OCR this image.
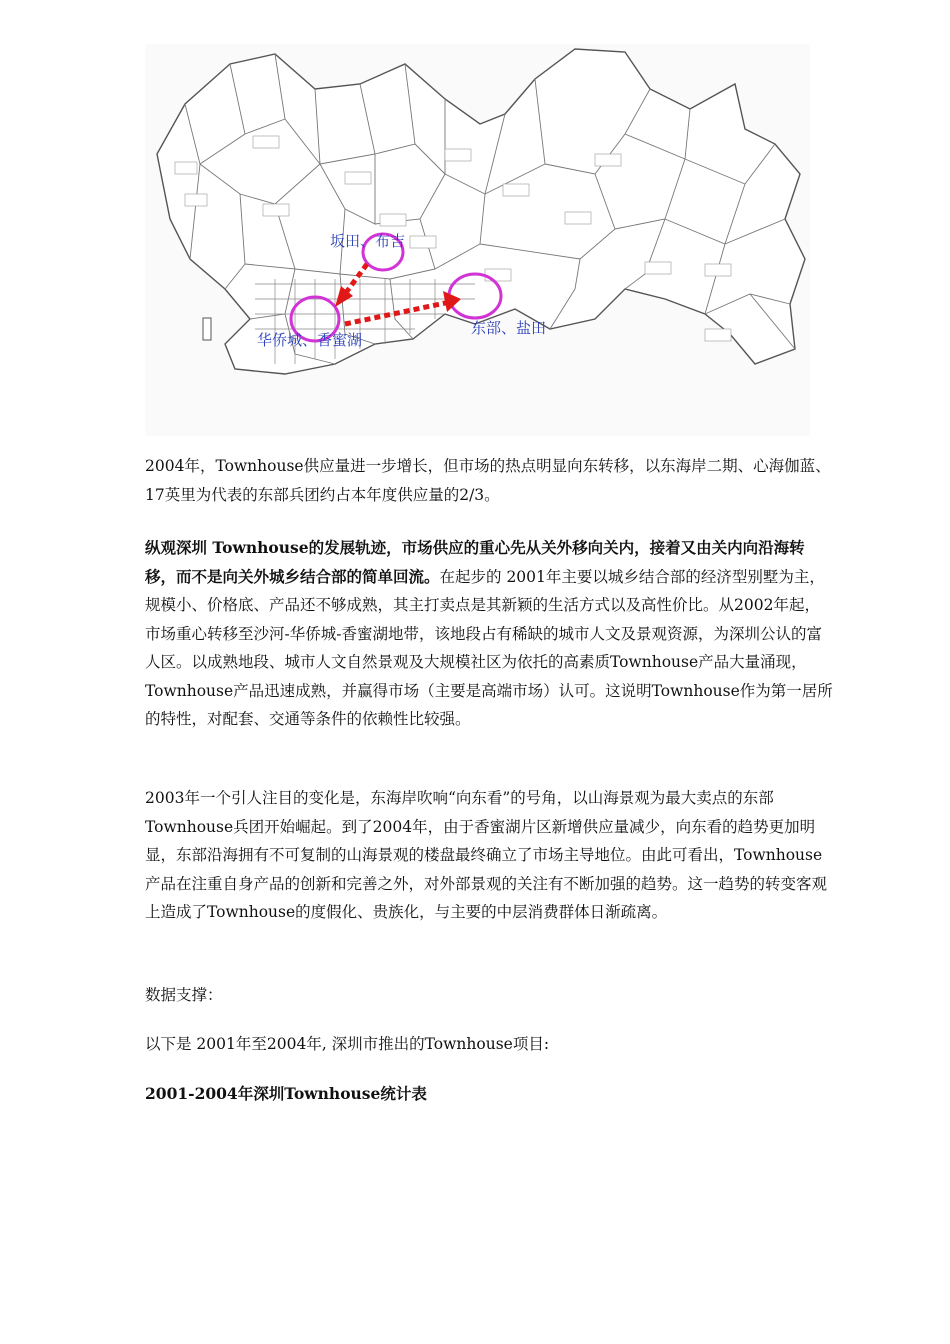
坂田、布吉
华侨城、香蜜湖
东部、盐田
2004年，Townhouse供应量进一步增长，但市场的热点明显向东转移，以东海岸二期、心海伽蓝、17英里为代表的东部兵团约占本年度供应量的2/3。
纵观深圳 Townhouse的发展轨迹，市场供应的重心先从关外移向关内，接着又由关内向沿海转移，而不是向关外城乡结合部的简单回流。在起步的 2001年主要以城乡结合部的经济型别墅为主，规模小、价格底、产品还不够成熟，其主打卖点是其新颖的生活方式以及高性价比。从2002年起，市场重心转移至沙河-华侨城-香蜜湖地带，该地段占有稀缺的城市人文及景观资源，为深圳公认的富人区。以成熟地段、城市人文自然景观及大规模社区为依托的高素质Townhouse产品大量涌现，Townhouse产品迅速成熟，并赢得市场（主要是高端市场）认可。这说明Townhouse作为第一居所的特性，对配套、交通等条件的依赖性比较强。
2003年一个引人注目的变化是，东海岸吹响“向东看”的号角，以山海景观为最大卖点的东部Townhouse兵团开始崛起。到了2004年，由于香蜜湖片区新增供应量减少，向东看的趋势更加明显，东部沿海拥有不可复制的山海景观的楼盘最终确立了市场主导地位。由此可看出，Townhouse产品在注重自身产品的创新和完善之外，对外部景观的关注有不断加强的趋势。这一趋势的转变客观上造成了Townhouse的度假化、贵族化，与主要的中层消费群体日渐疏离。
数据支撑：
以下是 2001年至2004年, 深圳市推出的Townhouse项目:
2001-2004年深圳Townhouse统计表
